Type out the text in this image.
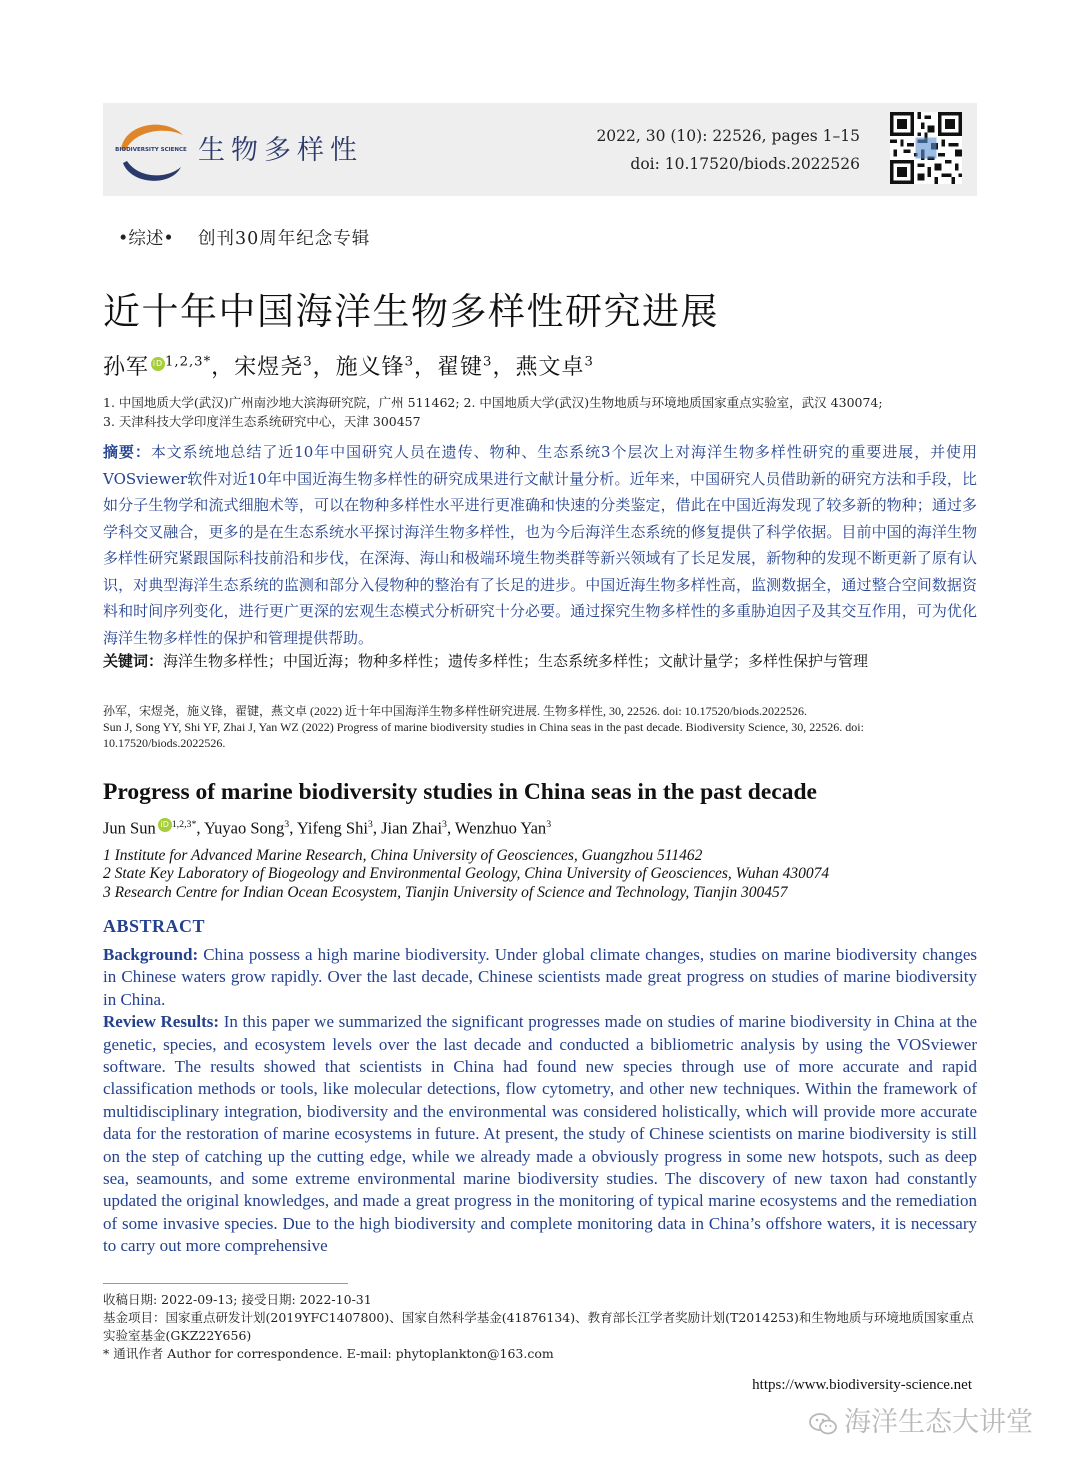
BIODIVERSITY SCIENCE 生物多样性	2022, 30 (10): 22526, pages 1–15
doi: 10.17520/biods.2022526
•综述• 创刊30周年纪念专辑
近十年中国海洋生物多样性研究进展
孙军 iD $^{1,2,3*}$，宋煜尧$^3$，施义锋$^3$，翟键$^3$，燕文卓$^3$
1. 中国地质大学(武汉)广州南沙地大滨海研究院，广州 511462; 2. 中国地质大学(武汉)生物地质与环境地质国家重点实验室，武汉 430074;
3. 天津科技大学印度洋生态系统研究中心，天津 300457
摘要：本文系统地总结了近10年中国研究人员在遗传、物种、生态系统3个层次上对海洋生物多样性研究的重要进展，并使用VOSviewer软件对近10年中国近海生物多样性的研究成果进行文献计量分析。近年来，中国研究人员借助新的研究方法和手段，比如分子生物学和流式细胞术等，可以在物种多样性水平进行更准确和快速的分类鉴定，借此在中国近海发现了较多新的物种；通过多学科交叉融合，更多的是在生态系统水平探讨海洋生物多样性，也为今后海洋生态系统的修复提供了科学依据。目前中国的海洋生物多样性研究紧跟国际科技前沿和步伐，在深海、海山和极端环境生物类群等新兴领域有了长足发展，新物种的发现不断更新了原有认识，对典型海洋生态系统的监测和部分入侵物种的整治有了长足的进步。中国近海生物多样性高，监测数据全，通过整合空间数据资料和时间序列变化，进行更广更深的宏观生态模式分析研究十分必要。通过探究生物多样性的多重胁迫因子及其交互作用，可为优化海洋生物多样性的保护和管理提供帮助。
关键词：海洋生物多样性；中国近海；物种多样性；遗传多样性；生态系统多样性；文献计量学；多样性保护与管理
孙军，宋煜尧，施义锋，翟键，燕文卓 (2022) 近十年中国海洋生物多样性研究进展. 生物多样性, 30, 22526. doi: 10.17520/biods.2022526.
Sun J, Song YY, Shi YF, Zhai J, Yan WZ (2022) Progress of marine biodiversity studies in China seas in the past decade. Biodiversity Science, 30, 22526. doi: 10.17520/biods.2022526.
Progress of marine biodiversity studies in China seas in the past decade
Jun Sun iD $^{1,2,3*}$, Yuyao Song$^3$, Yifeng Shi$^3$, Jian Zhai$^3$, Wenzhuo Yan$^3$
1 Institute for Advanced Marine Research, China University of Geosciences, Guangzhou 511462
2 State Key Laboratory of Biogeology and Environmental Geology, China University of Geosciences, Wuhan 430074
3 Research Centre for Indian Ocean Ecosystem, Tianjin University of Science and Technology, Tianjin 300457
ABSTRACT
Background: China possess a high marine biodiversity. Under global climate changes, studies on marine biodiversity changes in Chinese waters grow rapidly. Over the last decade, Chinese scientists made great progress on studies of marine biodiversity in China.
Review Results: In this paper we summarized the significant progresses made on studies of marine biodiversity in China at the genetic, species, and ecosystem levels over the last decade and conducted a bibliometric analysis by using the VOSviewer software. The results showed that scientists in China had found new species through use of more accurate and rapid classification methods or tools, like molecular detections, flow cytometry, and other new techniques. Within the framework of multidisciplinary integration, biodiversity and the environmental was considered holistically, which will provide more accurate data for the restoration of marine ecosystems in future. At present, the study of Chinese scientists on marine biodiversity is still on the step of catching up the cutting edge, while we already made a obviously progress in some new hotspots, such as deep sea, seamounts, and some extreme environmental marine biodiversity studies. The discovery of new taxon had constantly updated the original knowledges, and made a great progress in the monitoring of typical marine ecosystems and the remediation of some invasive species. Due to the high biodiversity and complete monitoring data in China’s offshore waters, it is necessary to carry out more comprehensive
收稿日期: 2022-09-13; 接受日期: 2022-10-31
基金项目：国家重点研发计划(2019YFC1407800)、国家自然科学基金(41876134)、教育部长江学者奖励计划(T2014253)和生物地质与环境地质国家重点实验室基金(GKZ22Y656)
* 通讯作者 Author for correspondence. E-mail: phytoplankton@163.com
https://www.biodiversity-science.net
海洋生态大讲堂
